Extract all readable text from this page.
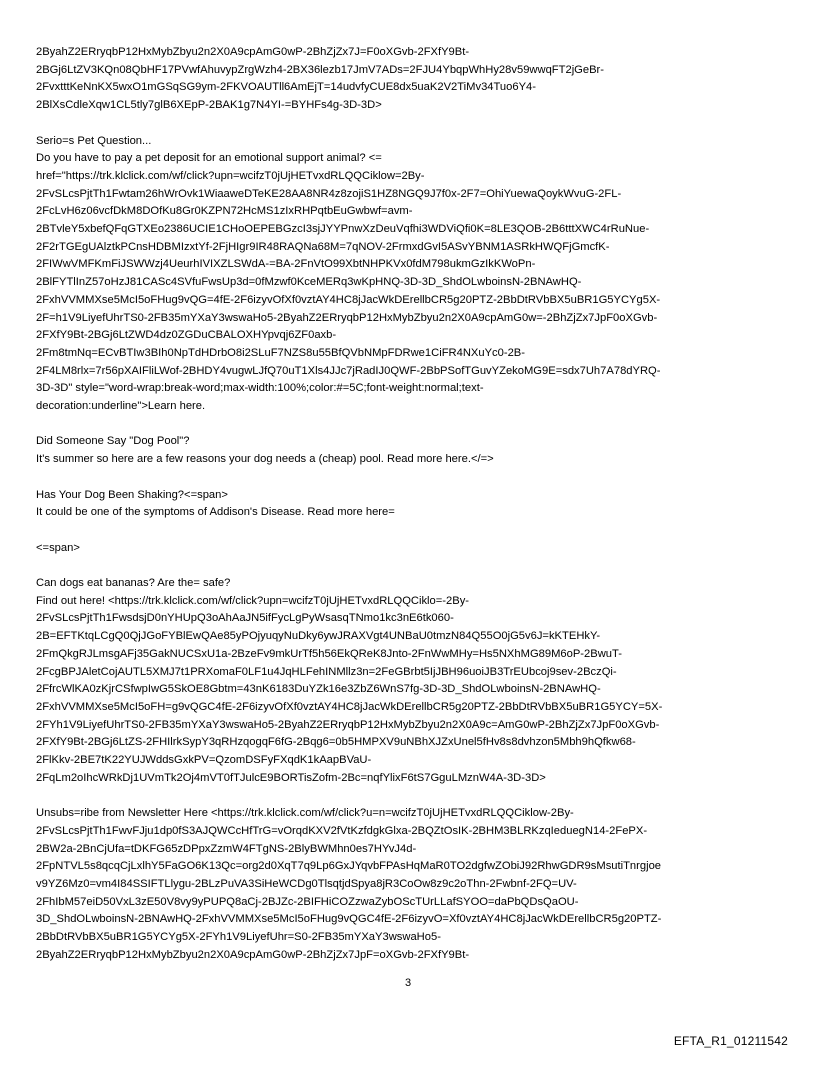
2ByahZ2ERryqbP12HxMybZbyu2n2X0A9cpAmG0wP-2BhZjZx7J=F0oXGvb-2FXfY9Bt-
2BGj6LtZV3KQn08QbHF17PVwfAhuvypZrgWzh4-2BX36lezb17JmV7ADs=2FJU4YbqpWhHy28v59wwqFT2jGeBr-
2FvxtttKeNnKX5wxO1mGSqSG9ym-2FKVOAUTll6AmEjT=14udvfyCUE8dx5uaK2V2TiMv34Tuo6Y4-
2BlXsCdleXqw1CL5tly7glB6XEpP-2BAK1g7N4YI-=BYHFs4g-3D-3D>
Serio=s Pet Question...
Do you have to pay a pet deposit for an emotional support animal? <=
href="https://trk.klclick.com/wf/click?upn=wcifzT0jUjHETvxdRLQQCiklow=2By-
2FvSLcsPjtTh1Fwtam26hWrOvk1WiaaweDTeKE28AA8NR4z8zojiS1HZ8NGQ9J7f0x-2F7=OhiYuewaQoykWvuG-2FL-
2FcLvH6z06vcfDkM8DOfKu8Gr0KZPN72HcMS1zIxRHPqtbEuGwbwf=avm-
2BTvleY5xbefQFqGTXEo2386UCIE1CHoOEPEBGzcI3sjJYYPnwXzDeuVqfhi3WDViQfi0K=8LE3QOB-2B6tttXWC4rRuNue-
2F2rTGEgUAlztkPCnsHDBMIzxtYf-2FjHIgr9IR48RAQNa68M=7qNOV-2FrmxdGvI5ASvYBNM1ASRkHWQFjGmcfK-
2FIWwVMFKmFiJSWWzj4UeurhIVIXZLSWdA-=BA-2FnVtO99XbtNHPKVx0fdM798ukmGzIkKWoPn-
2BlFYTlInZ57oHzJ81CASc4SVfuFwsUp3d=0fMzwf0KceMERq3wKpHNQ-3D-3D_ShdOLwboinsN-2BNAwHQ-
2FxhVVMMXse5McI5oFHug9vQG=4fE-2F6izyvOfXf0vztAY4HC8jJacWkDErellbCR5g20PTZ-2BbDtRVbBX5uBR1G5YCYg5X-
2F=h1V9LiyefUhrTS0-2FB35mYXaY3wswaHo5-2ByahZ2ERryqbP12HxMybZbyu2n2X0A9cpAmG0w=-2BhZjZx7JpF0oXGvb-
2FXfY9Bt-2BGj6LtZWD4dz0ZGDuCBALOXHYpvqj6ZF0axb-
2Fm8tmNq=ECvBTIw3BIh0NpTdHDrbO8i2SLuF7NZS8u55BfQVbNMpFDRwe1CiFR4NXuYc0-2B-
2F4LM8rlx=7r56pXAIFliLWof-2BHDY4vugwLJfQ70uT1Xls4JJc7jRadIJ0QWF-2BbPSofTGuvYZekoMG9E=sdx7Uh7A78dYRQ-
3D-3D" style="word-wrap:break-word;max-width:100%;color:#=5C;font-weight:normal;text-
decoration:underline">Learn here.
Did Someone Say "Dog Pool"?
It's summer so here are a few reasons your dog needs a (cheap) pool. Read more here.</=>
Has Your Dog Been Shaking?<=span>
It could be one of the symptoms of Addison's Disease. Read more here=
<=span>
Can dogs eat bananas? Are the= safe?
Find out here! <https://trk.klclick.com/wf/click?upn=wcifzT0jUjHETvxdRLQQCiklo=-2By-
2FvSLcsPjtTh1FwsdsjD0nYHUpQ3oAhAaJN5ifFycLgPyWsasqTNmo1kc3nE6tk060-
2B=EFTKtqLCgQ0QjJGoFYBlEwQAe85yPOjyuqyNuDky6ywJRAXVgt4UNBaU0tmzN84Q55O0jG5v6J=kKTEHkY-
2FmQkgRJLmsgAFj35GakNUCSxU1a-2BzeFv9mkUrTf5h56EkQReK8Jnto-2FnWwMHy=Hs5NXhMG89M6oP-2BwuT-
2FcgBPJAletCojAUTL5XMJ7t1PRXomaF0LF1u4JqHLFehINMllz3n=2FeGBrbt5IjJBH96uoiJB3TrEUbcoj9sev-2BczQi-
2FfrcWlKA0zKjrCSfwpIwG5SkOE8Gbtm=43nK6183DuYZk16e3ZbZ6WnS7fg-3D-3D_ShdOLwboinsN-2BNAwHQ-
2FxhVVMMXse5McI5oFH=g9vQGC4fE-2F6izyvOfXf0vztAY4HC8jJacWkDErellbCR5g20PTZ-2BbDtRVbBX5uBR1G5YCY=5X-
2FYh1V9LiyefUhrTS0-2FB35mYXaY3wswaHo5-2ByahZ2ERryqbP12HxMybZbyu2n2X0A9c=AmG0wP-2BhZjZx7JpF0oXGvb-
2FXfY9Bt-2BGj6LtZS-2FHIlrkSypY3qRHzqogqF6fG-2Bqg6=0b5HMPXV9uNBhXJZxUnel5fHv8s8dvhzon5Mbh9hQfkw68-
2FlKkv-2BE7tK22YUJWddsGxkPV=QzomDSFyFXqdK1kAapBVaU-
2FqLm2oIhcWRkDj1UVmTk2Oj4mVT0fTJulcE9BORTisZofm-2Bc=nqfYlixF6tS7GguLMznW4A-3D-3D>
Unsubs=ribe from Newsletter Here <https://trk.klclick.com/wf/click?u=n=wcifzT0jUjHETvxdRLQQCiklow-2By-
2FvSLcsPjtTh1FwvFJju1dp0fS3AJQWCcHfTrG=vOrqdKXV2fVtKzfdgkGlxa-2BQZtOsIK-2BHM3BLRKzqIeduegN14-2FePX-
2BW2a-2BnCjUfa=tDKFG65zDPpxZzmW4FTgNS-2BlyBWMhn0es7HYvJ4d-
2FpNTVL5s8qcqCjLxlhY5FaGO6K13Qc=org2d0XqT7q9Lp6GxJYqvbFPAsHqMaR0TO2dgfwZObiJ92RhwGDR9sMsutiTnrgjoe
v9YZ6Mz0=vm4I84SSIFTLlygu-2BLzPuVA3SiHeWCDg0TlsqtjdSpya8jR3CoOw8z9c2oThn-2Fwbnf-2FQ=UV-
2FhIbM57eiD50VxL3zE50V8vy9yPUPQ8aCj-2BJZc-2BIFHiCOZzwaZybOScTUrLLafSYOO=daPbQDsQaOU-
3D_ShdOLwboinsN-2BNAwHQ-2FxhVVMMXse5McI5oFHug9vQGC4fE-2F6izyvO=Xf0vztAY4HC8jJacWkDErellbCR5g20PTZ-
2BbDtRVbBX5uBR1G5YCYg5X-2FYh1V9LiyefUhr=S0-2FB35mYXaY3wswaHo5-
2ByahZ2ERryqbP12HxMybZbyu2n2X0A9cpAmG0wP-2BhZjZx7JpF=oXGvb-2FXfY9Bt-
3
EFTA_R1_01211542
